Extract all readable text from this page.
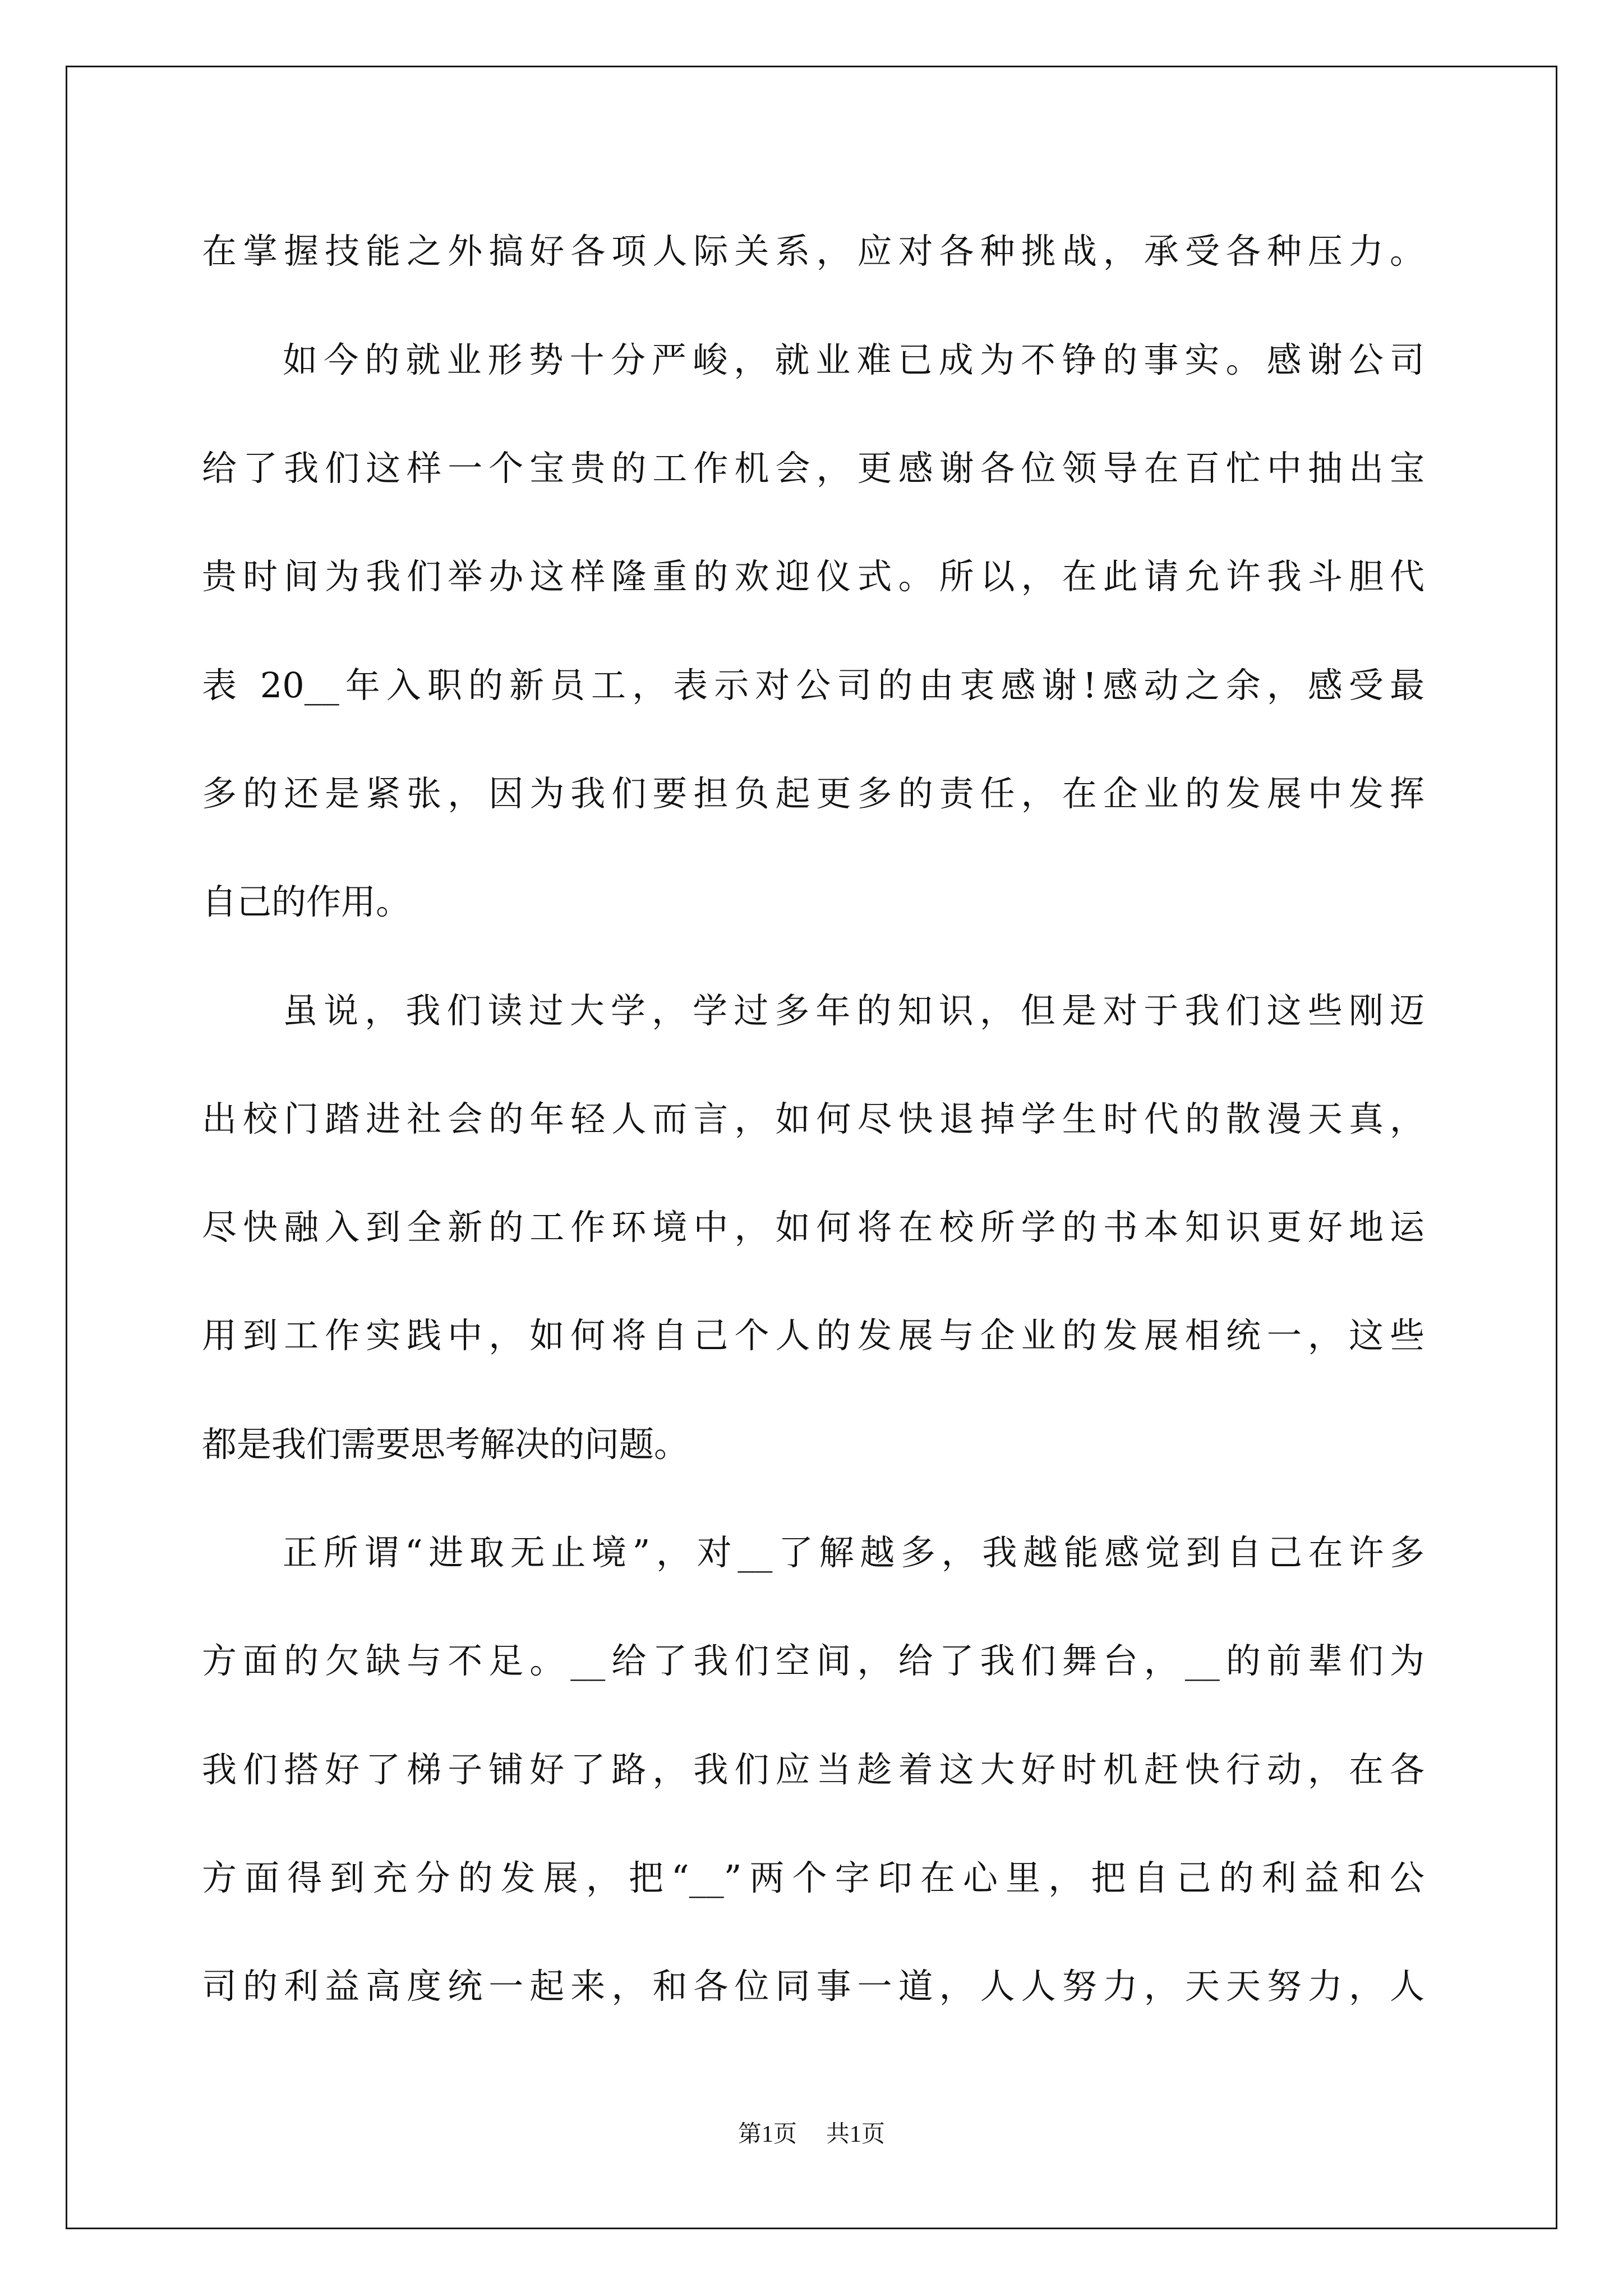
在掌握技能之外搞好各项人际关系，应对各种挑战，承受各种压力。
如今的就业形势十分严峻，就业难已成为不铮的事实。感谢公司
给了我们这样一个宝贵的工作机会，更感谢各位领导在百忙中抽出宝
贵时间为我们举办这样隆重的欢迎仪式。所以，在此请允许我斗胆代
表 20__年入职的新员工，表示对公司的由衷感谢!感动之余，感受最
多的还是紧张，因为我们要担负起更多的责任，在企业的发展中发挥
自己的作用。
虽说，我们读过大学，学过多年的知识，但是对于我们这些刚迈
出校门踏进社会的年轻人而言，如何尽快退掉学生时代的散漫天真，
尽快融入到全新的工作环境中，如何将在校所学的书本知识更好地运
用到工作实践中，如何将自己个人的发展与企业的发展相统一，这些
都是我们需要思考解决的问题。
正所谓“进取无止境”，对__了解越多，我越能感觉到自己在许多
方面的欠缺与不足。__给了我们空间，给了我们舞台，__的前辈们为
我们搭好了梯子铺好了路，我们应当趁着这大好时机赶快行动，在各
方面得到充分的发展，把“__”两个字印在心里，把自己的利益和公
司的利益高度统一起来，和各位同事一道，人人努力，天天努力，人
第1页 共1页
